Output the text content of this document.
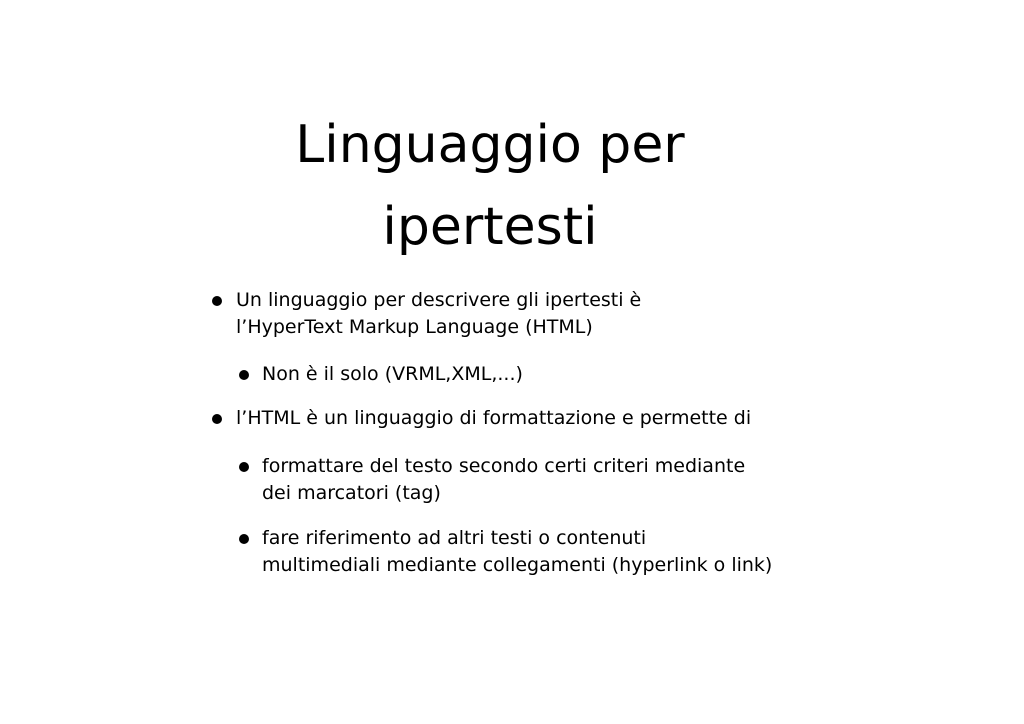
Linguaggio per
ipertesti
Un linguaggio per descrivere gli ipertesti è
l’HyperText Markup Language (HTML)
Non è il solo (VRML,XML,...)
l’HTML è un linguaggio di formattazione e permette di
formattare del testo secondo certi criteri mediante
dei marcatori (tag)
fare riferimento ad altri testi o contenuti
multimediali mediante collegamenti (hyperlink o link)
